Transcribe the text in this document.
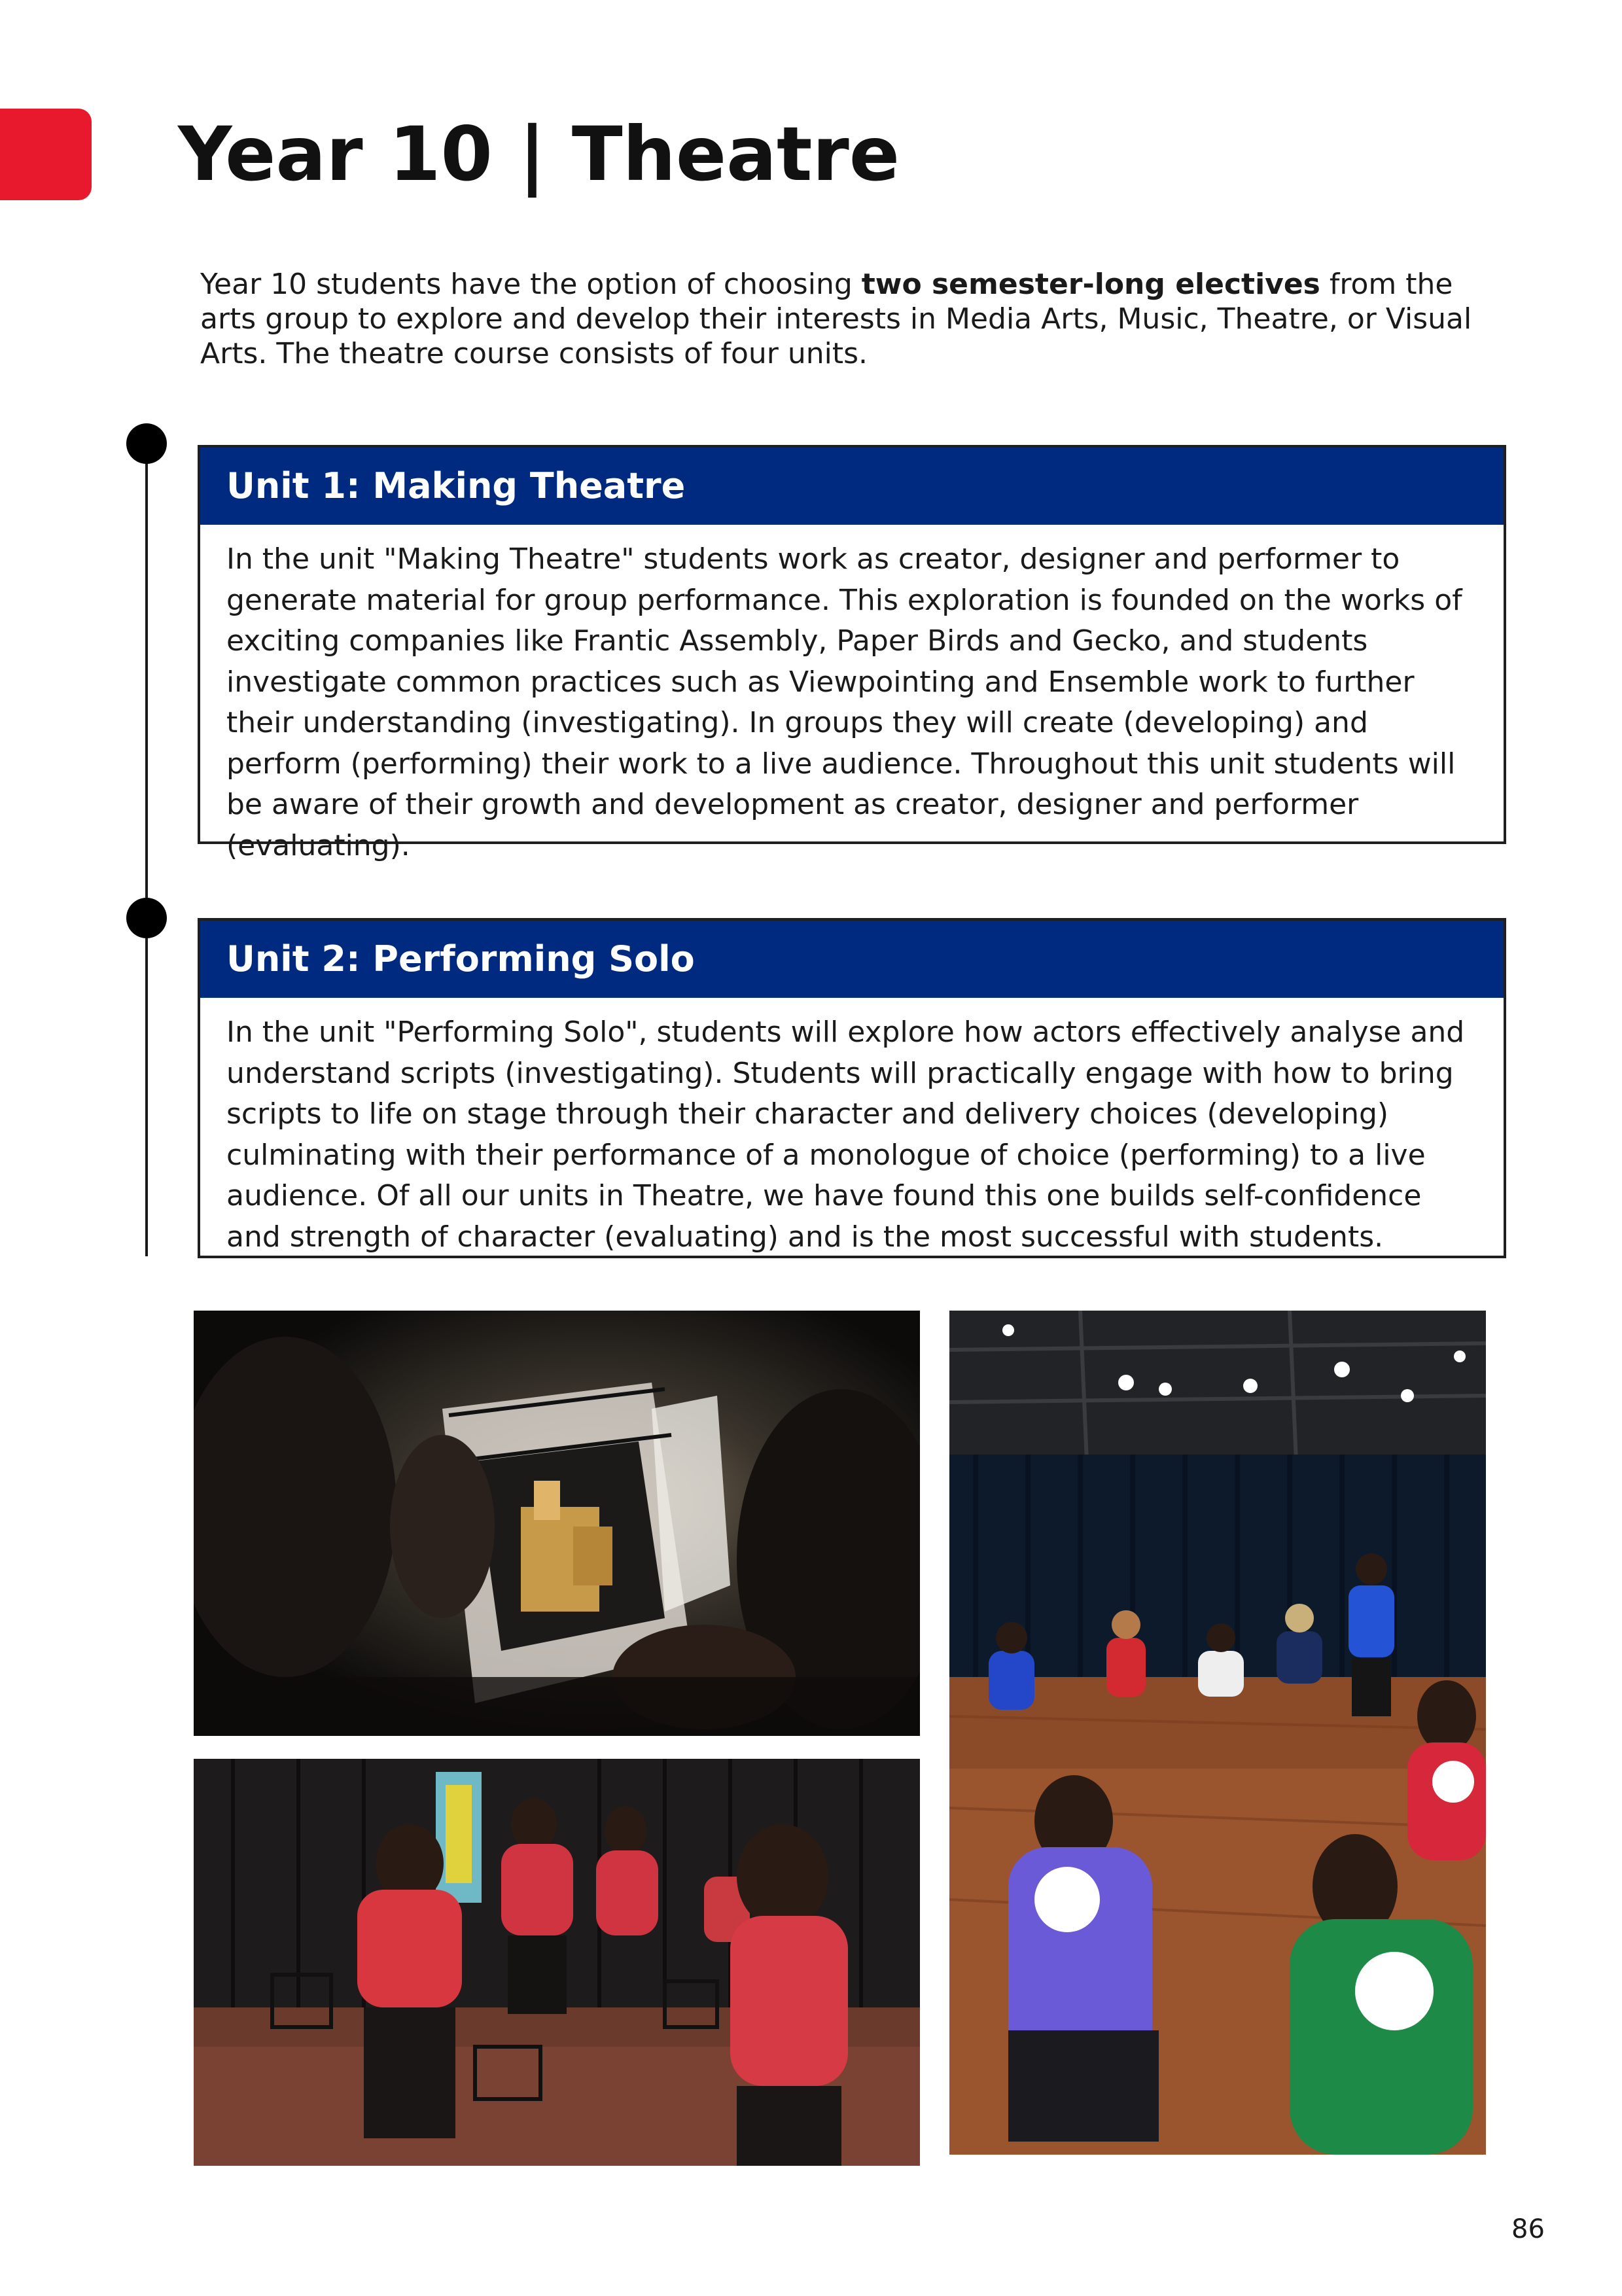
Year 10 | Theatre

Year 10 students have the option of choosing two semester-long electives from the arts group to explore and develop their interests in Media Arts, Music, Theatre, or Visual Arts. The theatre course consists of four units.

Unit 1: Making Theatre

In the unit "Making Theatre" students work as creator, designer and performer to generate material for group performance. This exploration is founded on the works of exciting companies like Frantic Assembly, Paper Birds and Gecko, and students investigate common practices such as Viewpointing and Ensemble work to further their understanding (investigating). In groups they will create (developing) and perform (performing) their work to a live audience. Throughout this unit students will be aware of their growth and development as creator, designer and performer (evaluating).

Unit 2: Performing Solo

In the unit "Performing Solo", students will explore how actors effectively analyse and understand scripts (investigating). Students will practically engage with how to bring scripts to life on stage through their character and delivery choices (developing) culminating with their performance of a monologue of choice (performing) to a live audience. Of all our units in Theatre, we have found this one builds self-confidence and strength of character (evaluating) and is the most successful with students.

86
